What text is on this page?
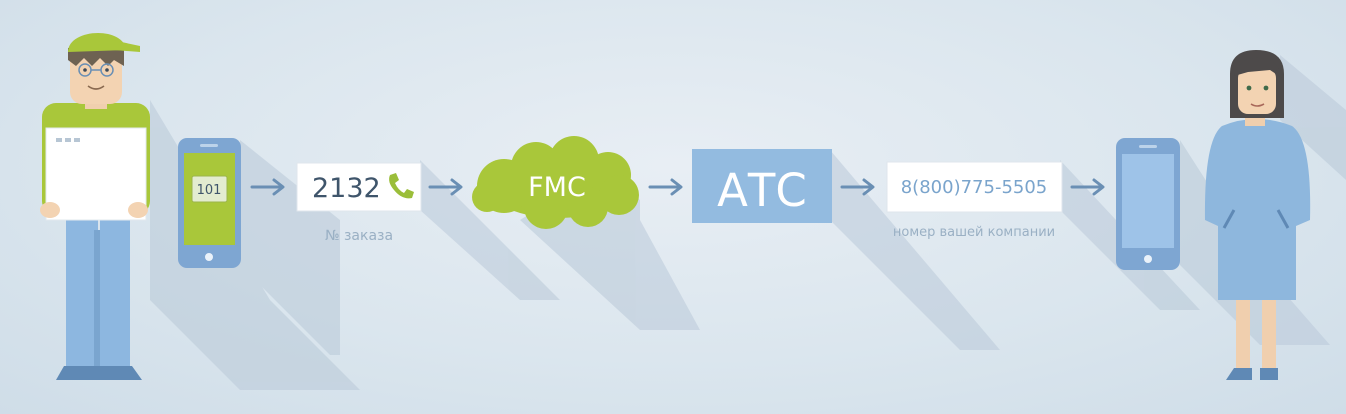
101	2132
№ заказа
FMC	АТС	8(800)775-5505
номер вашей компании
